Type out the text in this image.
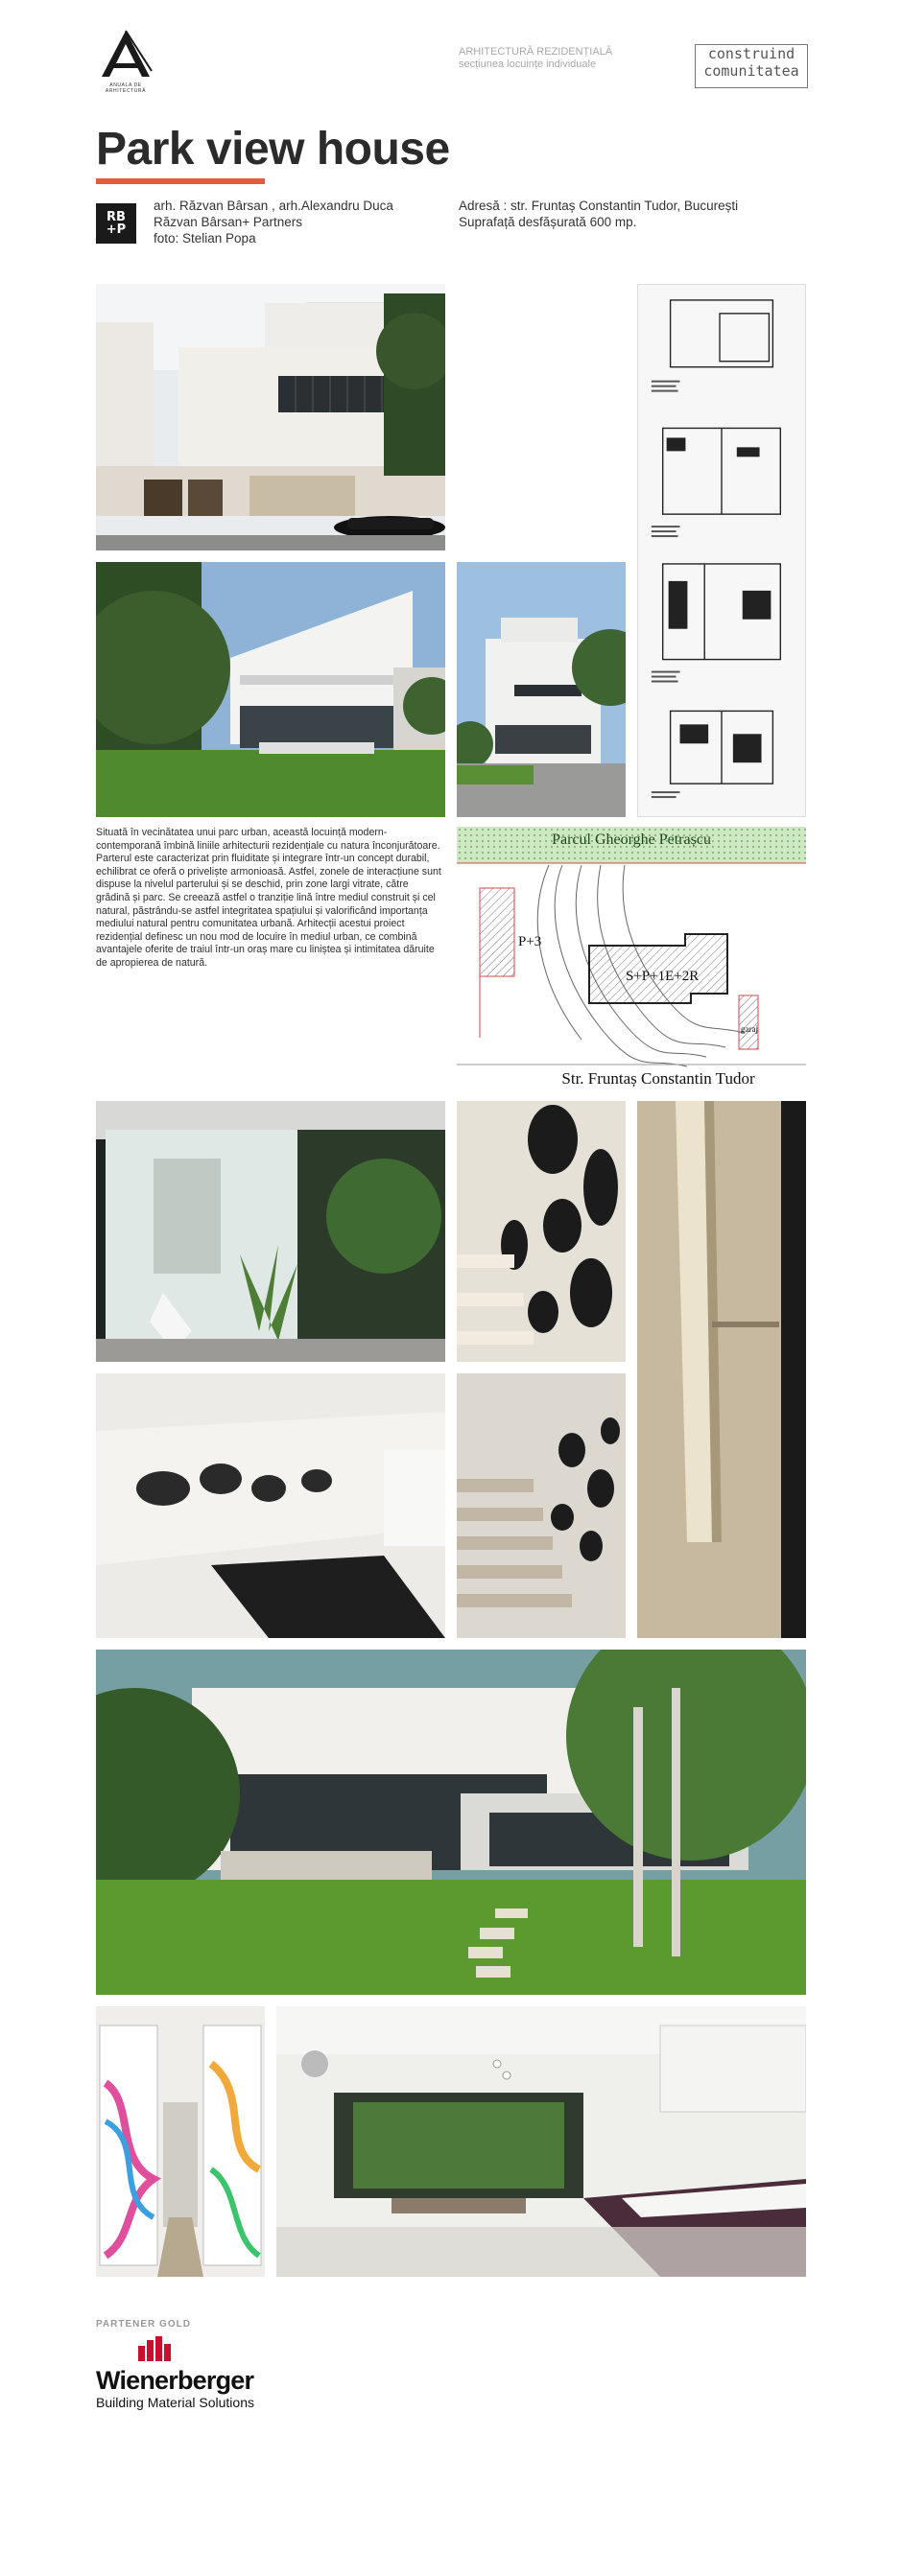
ANUALA DE ARHITECTURĂ
ARHITECTURĂ REZIDENȚIALĂ
secțiunea locuințe individuale
construind
comunitatea
Park view house
RB
+P
arh. Răzvan Bârsan , arh.Alexandru Duca
Răzvan Bârsan+ Partners
foto: Stelian Popa
Adresă : str. Fruntaș Constantin Tudor, București
Suprafață desfășurată 600 mp.
Situată în vecinătatea unui parc urban, această locuință modern-contemporană îmbină liniile arhitecturii rezidențiale cu natura înconjurătoare. Parterul este caracterizat prin fluiditate și integrare într-un concept durabil, echilibrat ce oferă o priveliște armonioasă. Astfel, zonele de interacțiune sunt dispuse la nivelul parterului și se deschid, prin zone largi vitrate, către grădină și parc. Se creează astfel o tranziție lină între mediul construit și cel natural, păstrându-se astfel integritatea spațiului și valorificând importanța mediului natural pentru comunitatea urbană. Arhitecții acestui proiect rezidențial definesc un nou mod de locuire în mediul urban, ce combină avantajele oferite de traiul într-un oraș mare cu liniștea și intimitatea dăruite de apropierea de natură.
Parcul Gheorghe Petrașcu
P+3
S+P+1E+2R
garaj
Str. Fruntaș Constantin Tudor
PARTENER GOLD
Wienerberger
Building Material Solutions
